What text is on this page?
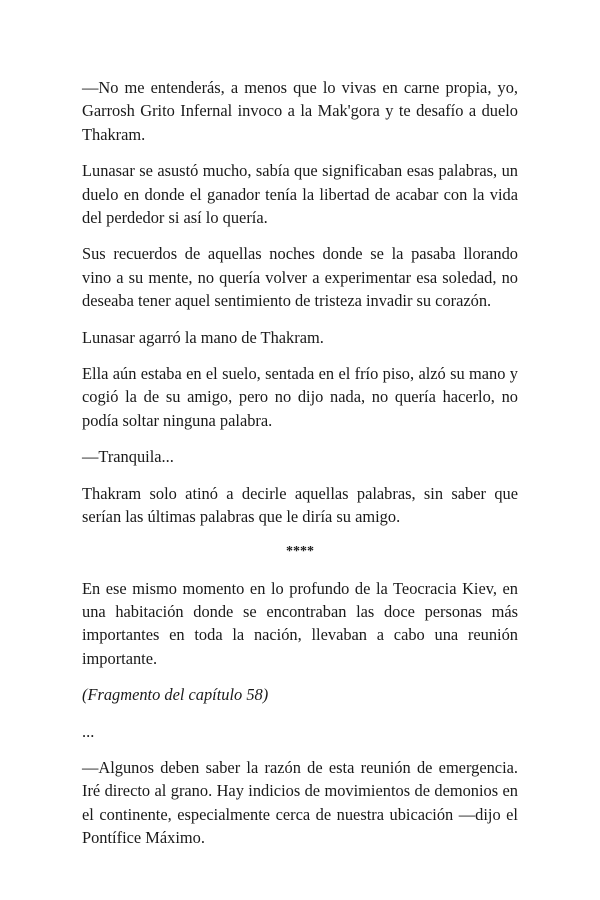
—No me entenderás, a menos que lo vivas en carne propia, yo, Garrosh Grito Infernal invoco a la Mak'gora y te desafío a duelo Thakram.

Lunasar se asustó mucho, sabía que significaban esas palabras, un duelo en donde el ganador tenía la libertad de acabar con la vida del perdedor si así lo quería.

Sus recuerdos de aquellas noches donde se la pasaba llorando vino a su mente, no quería volver a experimentar esa soledad, no deseaba tener aquel sentimiento de tristeza invadir su corazón.

Lunasar agarró la mano de Thakram.

Ella aún estaba en el suelo, sentada en el frío piso, alzó su mano y cogió la de su amigo, pero no dijo nada, no quería hacerlo, no podía soltar ninguna palabra.

—Tranquila...

Thakram solo atinó a decirle aquellas palabras, sin saber que serían las últimas palabras que le diría su amigo.

****

En ese mismo momento en lo profundo de la Teocracia Kiev, en una habitación donde se encontraban las doce personas más importantes en toda la nación, llevaban a cabo una reunión importante.

(Fragmento del capítulo 58)

...

—Algunos deben saber la razón de esta reunión de emergencia. Iré directo al grano. Hay indicios de movimientos de demonios en el continente, especialmente cerca de nuestra ubicación —dijo el Pontífice Máximo.
